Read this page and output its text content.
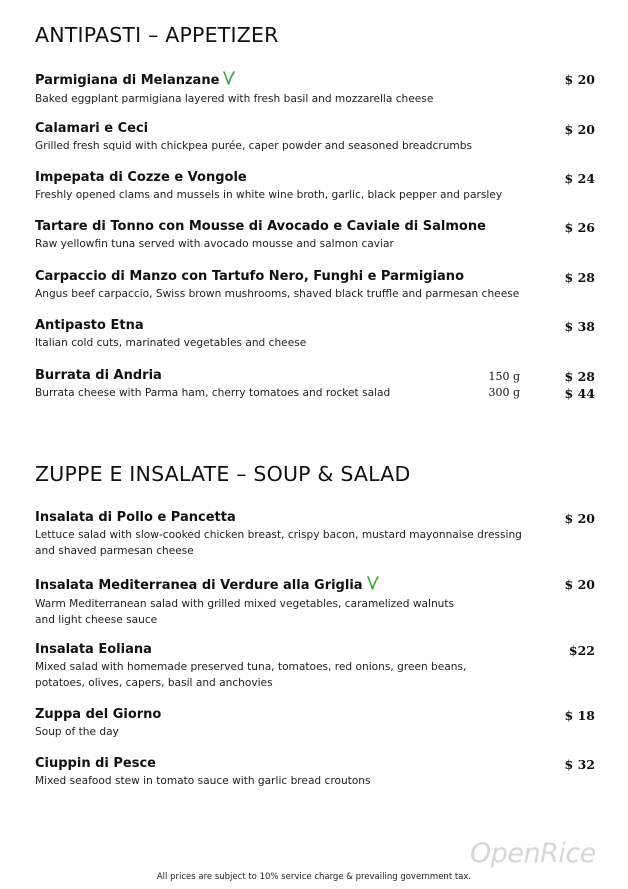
ANTIPASTI – APPETIZER
Parmigiana di Melanzane
Baked eggplant parmigiana layered with fresh basil and mozzarella cheese
$ 20
Calamari e Ceci
Grilled fresh squid with chickpea purée, caper powder and seasoned breadcrumbs
$ 20
Impepata di Cozze e Vongole
Freshly opened clams and mussels in white wine broth, garlic, black pepper and parsley
$ 24
Tartare di Tonno con Mousse di Avocado e Caviale di Salmone
Raw yellowfin tuna served with avocado mousse and salmon caviar
$ 26
Carpaccio di Manzo con Tartufo Nero, Funghi e Parmigiano
Angus beef carpaccio, Swiss brown mushrooms, shaved black truffle and parmesan cheese
$ 28
Antipasto Etna
Italian cold cuts, marinated vegetables and cheese
$ 38
Burrata di Andria
Burrata cheese with Parma ham, cherry tomatoes and rocket salad
150 g
300 g
$ 28
$ 44
ZUPPE E INSALATE – SOUP & SALAD
Insalata di Pollo e Pancetta
Lettuce salad with slow-cooked chicken breast, crispy bacon, mustard mayonnaise dressing
and shaved parmesan cheese
$ 20
Insalata Mediterranea di Verdure alla Griglia
Warm Mediterranean salad with grilled mixed vegetables, caramelized walnuts
and light cheese sauce
$ 20
Insalata Eoliana
Mixed salad with homemade preserved tuna, tomatoes, red onions, green beans,
potatoes, olives, capers, basil and anchovies
$22
Zuppa del Giorno
Soup of the day
$ 18
Ciuppin di Pesce
Mixed seafood stew in tomato sauce with garlic bread croutons
$ 32
OpenRice
All prices are subject to 10% service charge & prevailing government tax.
